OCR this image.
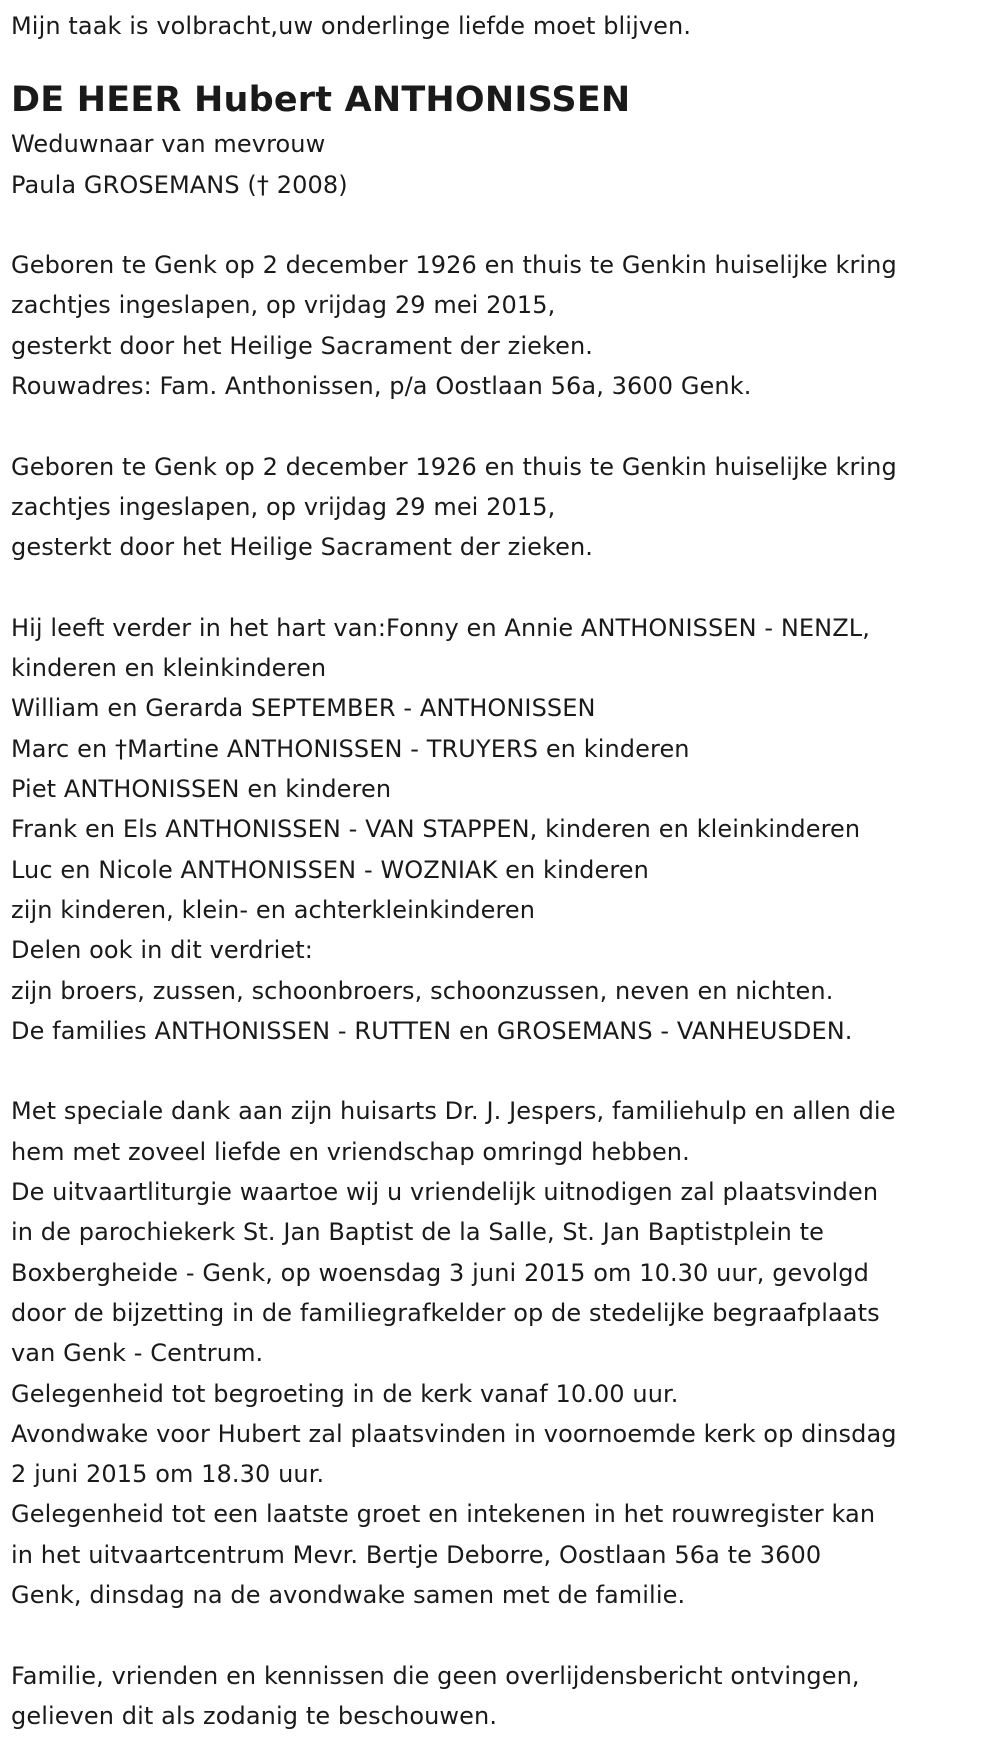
Mijn taak is volbracht,uw onderlinge liefde moet blijven.
DE HEER Hubert ANTHONISSEN
Weduwnaar van mevrouw
Paula GROSEMANS († 2008)
Geboren te Genk op 2 december 1926 en thuis te Genkin huiselijke kring
zachtjes ingeslapen, op vrijdag 29 mei 2015,
gesterkt door het Heilige Sacrament der zieken.
Rouwadres: Fam. Anthonissen, p/a Oostlaan 56a, 3600 Genk.
Geboren te Genk op 2 december 1926 en thuis te Genkin huiselijke kring
zachtjes ingeslapen, op vrijdag 29 mei 2015,
gesterkt door het Heilige Sacrament der zieken.
Hij leeft verder in het hart van:Fonny en Annie ANTHONISSEN - NENZL,
kinderen en kleinkinderen
William en Gerarda SEPTEMBER - ANTHONISSEN
Marc en †Martine ANTHONISSEN - TRUYERS en kinderen
Piet ANTHONISSEN en kinderen
Frank en Els ANTHONISSEN - VAN STAPPEN, kinderen en kleinkinderen
Luc en Nicole ANTHONISSEN - WOZNIAK en kinderen
zijn kinderen, klein- en achterkleinkinderen
Delen ook in dit verdriet:
zijn broers, zussen, schoonbroers, schoonzussen, neven en nichten.
De families ANTHONISSEN - RUTTEN en GROSEMANS - VANHEUSDEN.
Met speciale dank aan zijn huisarts Dr. J. Jespers, familiehulp en allen die
hem met zoveel liefde en vriendschap omringd hebben.
De uitvaartliturgie waartoe wij u vriendelijk uitnodigen zal plaatsvinden
in de parochiekerk St. Jan Baptist de la Salle, St. Jan Baptistplein te
Boxbergheide - Genk, op woensdag 3 juni 2015 om 10.30 uur, gevolgd
door de bijzetting in de familiegrafkelder op de stedelijke begraafplaats
van Genk - Centrum.
Gelegenheid tot begroeting in de kerk vanaf 10.00 uur.
Avondwake voor Hubert zal plaatsvinden in voornoemde kerk op dinsdag
2 juni 2015 om 18.30 uur.
Gelegenheid tot een laatste groet en intekenen in het rouwregister kan
in het uitvaartcentrum Mevr. Bertje Deborre, Oostlaan 56a te 3600
Genk, dinsdag na de avondwake samen met de familie.
Familie, vrienden en kennissen die geen overlijdensbericht ontvingen,
gelieven dit als zodanig te beschouwen.
